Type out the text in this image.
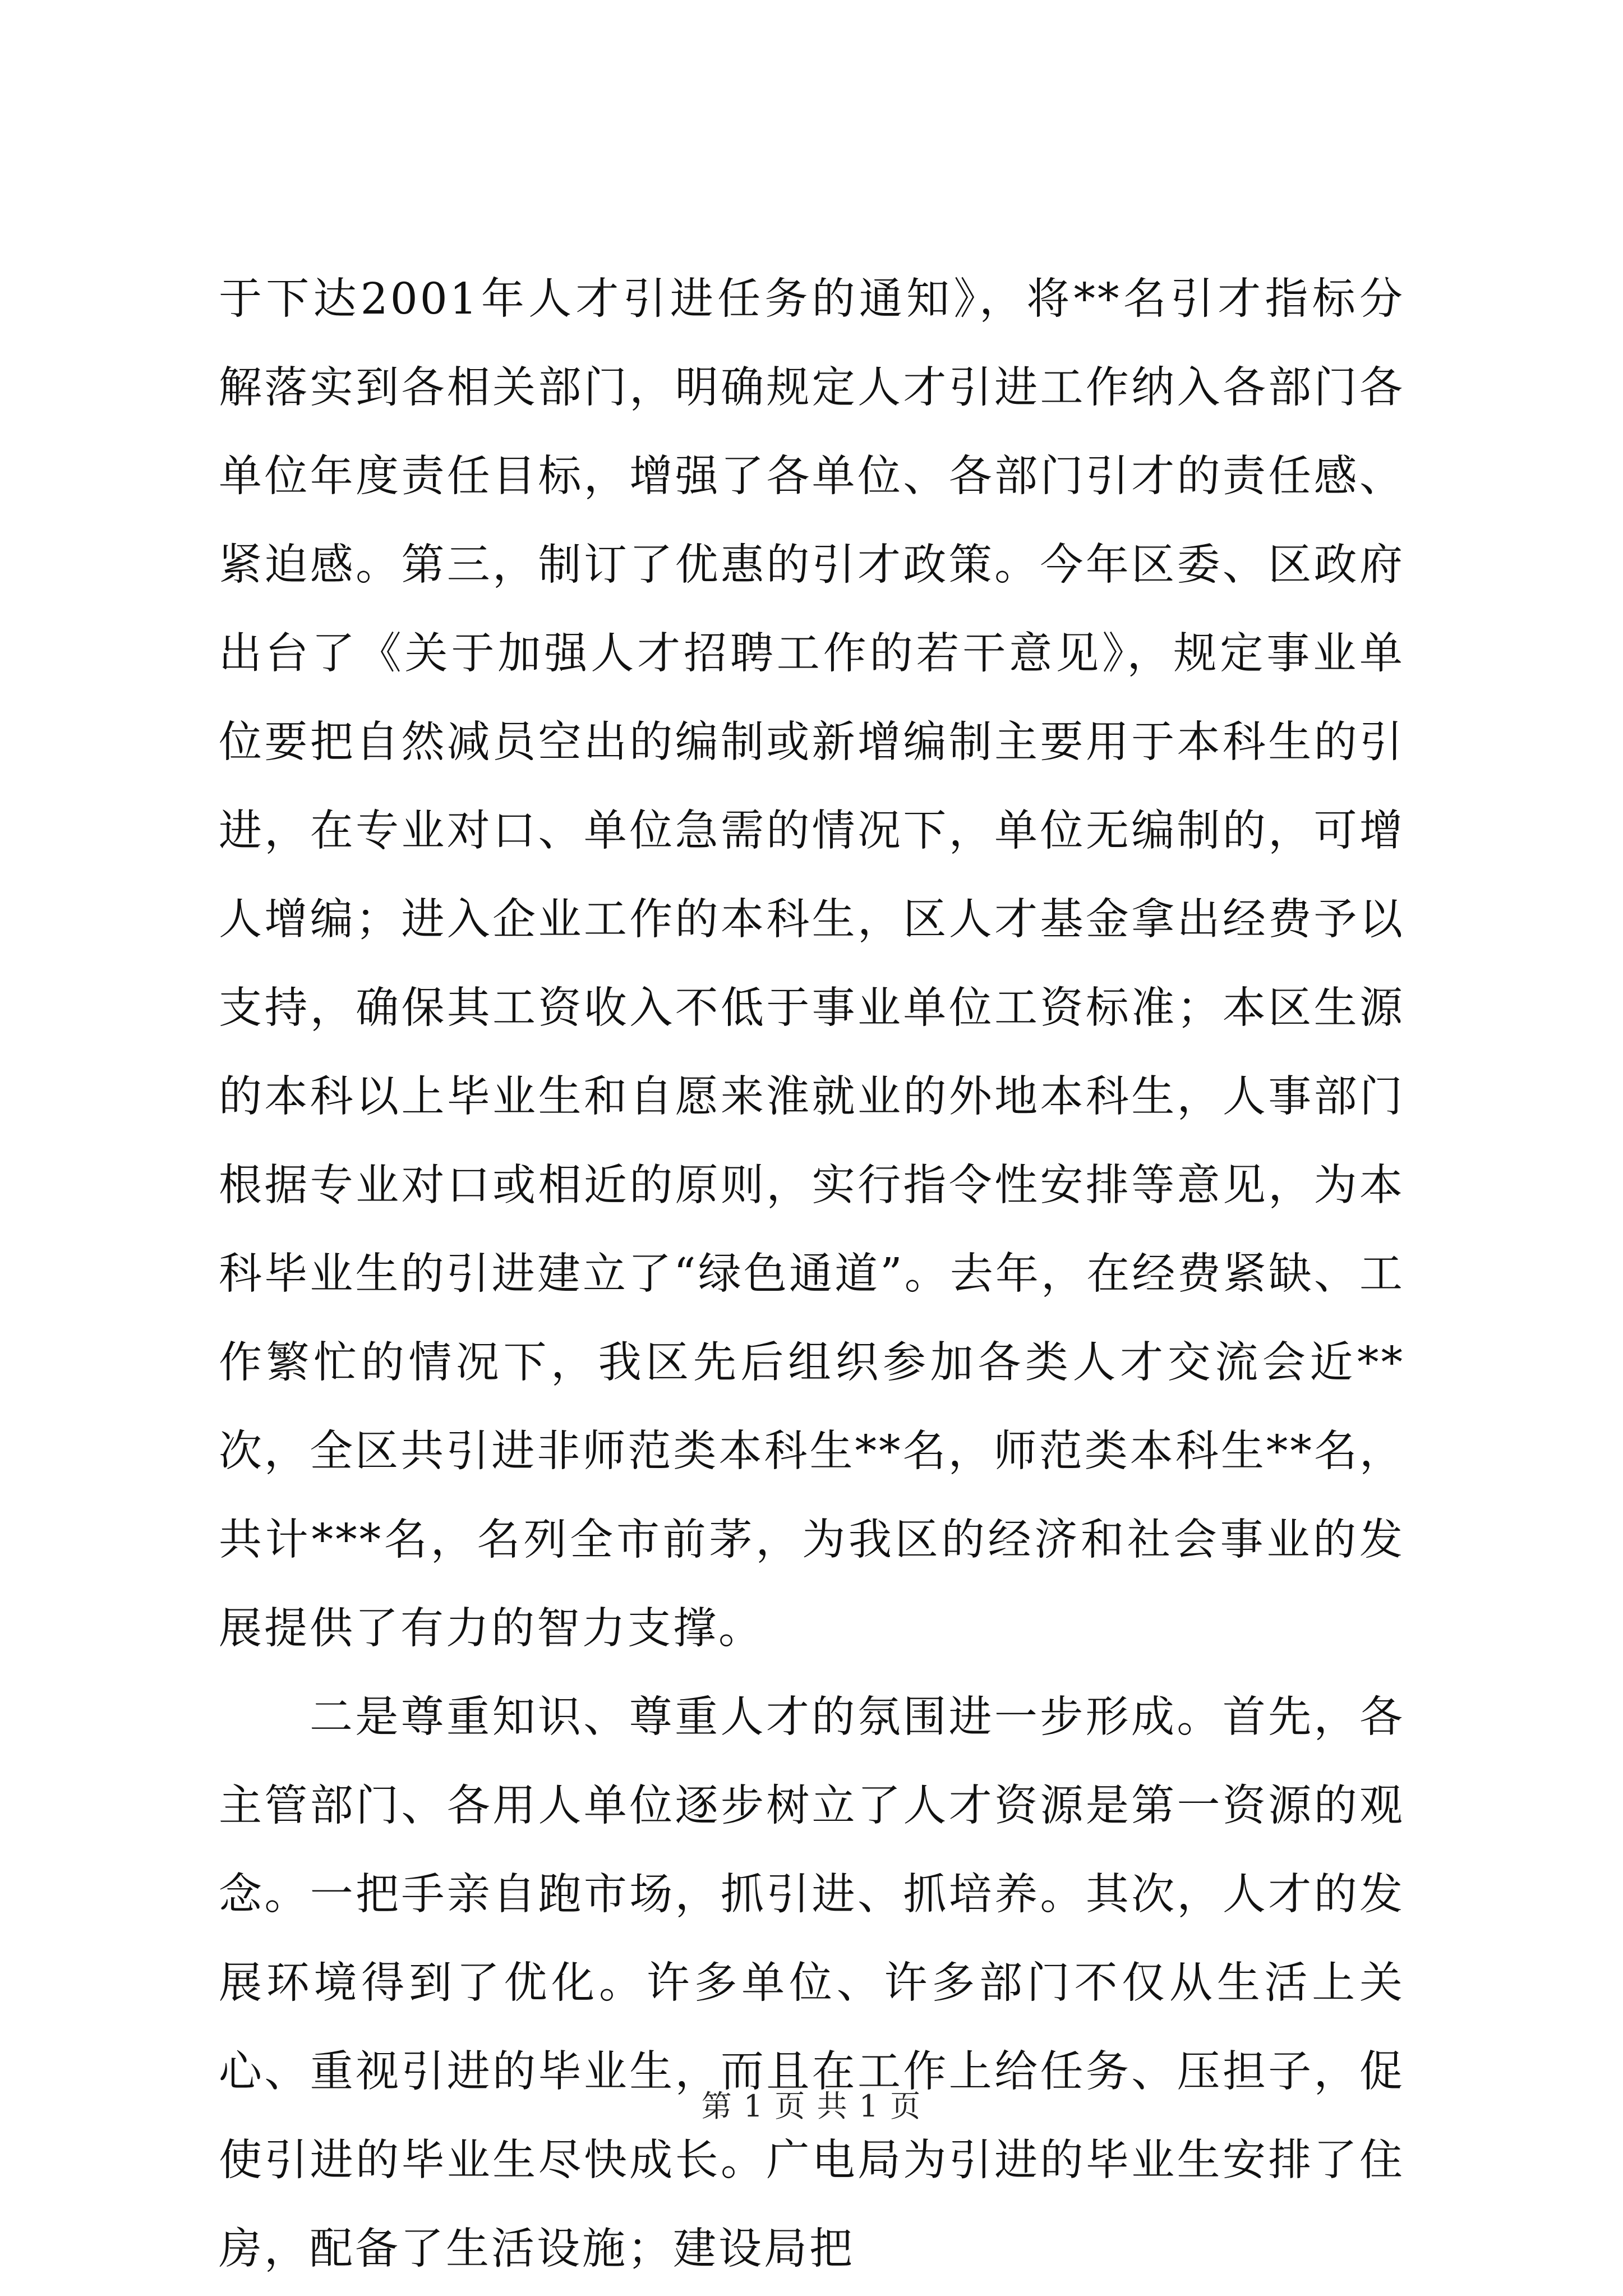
于下达2001年人才引进任务的通知》，将**名引才指标分解落实到各相关部门，明确规定人才引进工作纳入各部门各单位年度责任目标，增强了各单位、各部门引才的责任感、紧迫感。第三，制订了优惠的引才政策。今年区委、区政府出台了《关于加强人才招聘工作的若干意见》，规定事业单位要把自然减员空出的编制或新增编制主要用于本科生的引进，在专业对口、单位急需的情况下，单位无编制的，可增人增编；进入企业工作的本科生，区人才基金拿出经费予以支持，确保其工资收入不低于事业单位工资标准；本区生源的本科以上毕业生和自愿来淮就业的外地本科生，人事部门根据专业对口或相近的原则，实行指令性安排等意见，为本科毕业生的引进建立了“绿色通道”。去年，在经费紧缺、工作繁忙的情况下，我区先后组织参加各类人才交流会近**次，全区共引进非师范类本科生**名，师范类本科生**名，共计***名，名列全市前茅，为我区的经济和社会事业的发展提供了有力的智力支撑。

二是尊重知识、尊重人才的氛围进一步形成。首先，各主管部门、各用人单位逐步树立了人才资源是第一资源的观念。一把手亲自跑市场，抓引进、抓培养。其次，人才的发展环境得到了优化。许多单位、许多部门不仅从生活上关心、重视引进的毕业生，而且在工作上给任务、压担子，促使引进的毕业生尽快成长。广电局为引进的毕业生安排了住房，配备了生活设施；建设局把

第 1 页 共 1 页
